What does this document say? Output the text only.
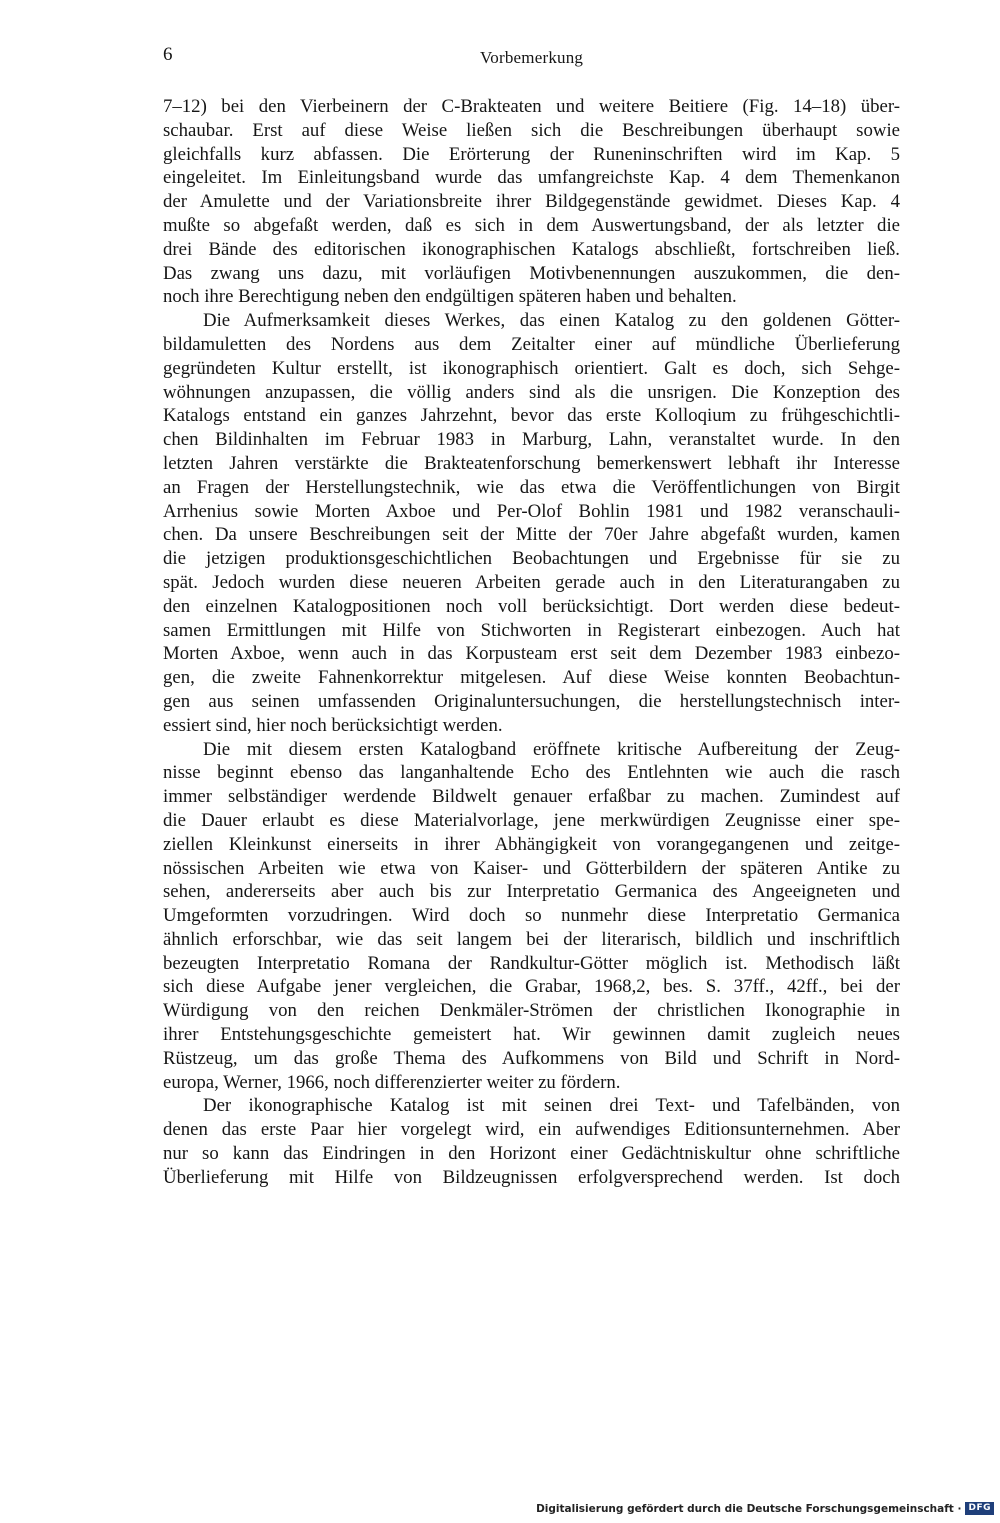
6	Vorbemerkung
7–12) bei den Vierbeinern der C-Brakteaten und weitere Beitiere (Fig. 14–18) über-
schaubar. Erst auf diese Weise ließen sich die Beschreibungen überhaupt sowie
gleichfalls kurz abfassen. Die Erörterung der Runeninschriften wird im Kap. 5
eingeleitet. Im Einleitungsband wurde das umfangreichste Kap. 4 dem Themenkanon
der Amulette und der Variationsbreite ihrer Bildgegenstände gewidmet. Dieses Kap. 4
mußte so abgefaßt werden, daß es sich in dem Auswertungsband, der als letzter die
drei Bände des editorischen ikonographischen Katalogs abschließt, fortschreiben ließ.
Das zwang uns dazu, mit vorläufigen Motivbenennungen auszukommen, die den-
noch ihre Berechtigung neben den endgültigen späteren haben und behalten.
Die Aufmerksamkeit dieses Werkes, das einen Katalog zu den goldenen Götter-
bildamuletten des Nordens aus dem Zeitalter einer auf mündliche Überlieferung
gegründeten Kultur erstellt, ist ikonographisch orientiert. Galt es doch, sich Sehge-
wöhnungen anzupassen, die völlig anders sind als die unsrigen. Die Konzeption des
Katalogs entstand ein ganzes Jahrzehnt, bevor das erste Kolloqium zu frühgeschichtli-
chen Bildinhalten im Februar 1983 in Marburg, Lahn, veranstaltet wurde. In den
letzten Jahren verstärkte die Brakteatenforschung bemerkenswert lebhaft ihr Interesse
an Fragen der Herstellungstechnik, wie das etwa die Veröffentlichungen von Birgit
Arrhenius sowie Morten Axboe und Per-Olof Bohlin 1981 und 1982 veranschauli-
chen. Da unsere Beschreibungen seit der Mitte der 70er Jahre abgefaßt wurden, kamen
die jetzigen produktionsgeschichtlichen Beobachtungen und Ergebnisse für sie zu
spät. Jedoch wurden diese neueren Arbeiten gerade auch in den Literaturangaben zu
den einzelnen Katalogpositionen noch voll berücksichtigt. Dort werden diese bedeut-
samen Ermittlungen mit Hilfe von Stichworten in Registerart einbezogen. Auch hat
Morten Axboe, wenn auch in das Korpusteam erst seit dem Dezember 1983 einbezo-
gen, die zweite Fahnenkorrektur mitgelesen. Auf diese Weise konnten Beobachtun-
gen aus seinen umfassenden Originaluntersuchungen, die herstellungstechnisch inter-
essiert sind, hier noch berücksichtigt werden.
Die mit diesem ersten Katalogband eröffnete kritische Aufbereitung der Zeug-
nisse beginnt ebenso das langanhaltende Echo des Entlehnten wie auch die rasch
immer selbständiger werdende Bildwelt genauer erfaßbar zu machen. Zumindest auf
die Dauer erlaubt es diese Materialvorlage, jene merkwürdigen Zeugnisse einer spe-
ziellen Kleinkunst einerseits in ihrer Abhängigkeit von vorangegangenen und zeitge-
nössischen Arbeiten wie etwa von Kaiser- und Götterbildern der späteren Antike zu
sehen, andererseits aber auch bis zur Interpretatio Germanica des Angeeigneten und
Umgeformten vorzudringen. Wird doch so nunmehr diese Interpretatio Germanica
ähnlich erforschbar, wie das seit langem bei der literarisch, bildlich und inschriftlich
bezeugten Interpretatio Romana der Randkultur-Götter möglich ist. Methodisch läßt
sich diese Aufgabe jener vergleichen, die Grabar, 1968,2, bes. S. 37ff., 42ff., bei der
Würdigung von den reichen Denkmäler-Strömen der christlichen Ikonographie in
ihrer Entstehungsgeschichte gemeistert hat. Wir gewinnen damit zugleich neues
Rüstzeug, um das große Thema des Aufkommens von Bild und Schrift in Nord-
europa, Werner, 1966, noch differenzierter weiter zu fördern.
Der ikonographische Katalog ist mit seinen drei Text- und Tafelbänden, von
denen das erste Paar hier vorgelegt wird, ein aufwendiges Editionsunternehmen. Aber
nur so kann das Eindringen in den Horizont einer Gedächtniskultur ohne schriftliche
Überlieferung mit Hilfe von Bildzeugnissen erfolgversprechend werden. Ist doch
Digitalisierung gefördert durch die Deutsche Forschungsgemeinschaft · DFG
